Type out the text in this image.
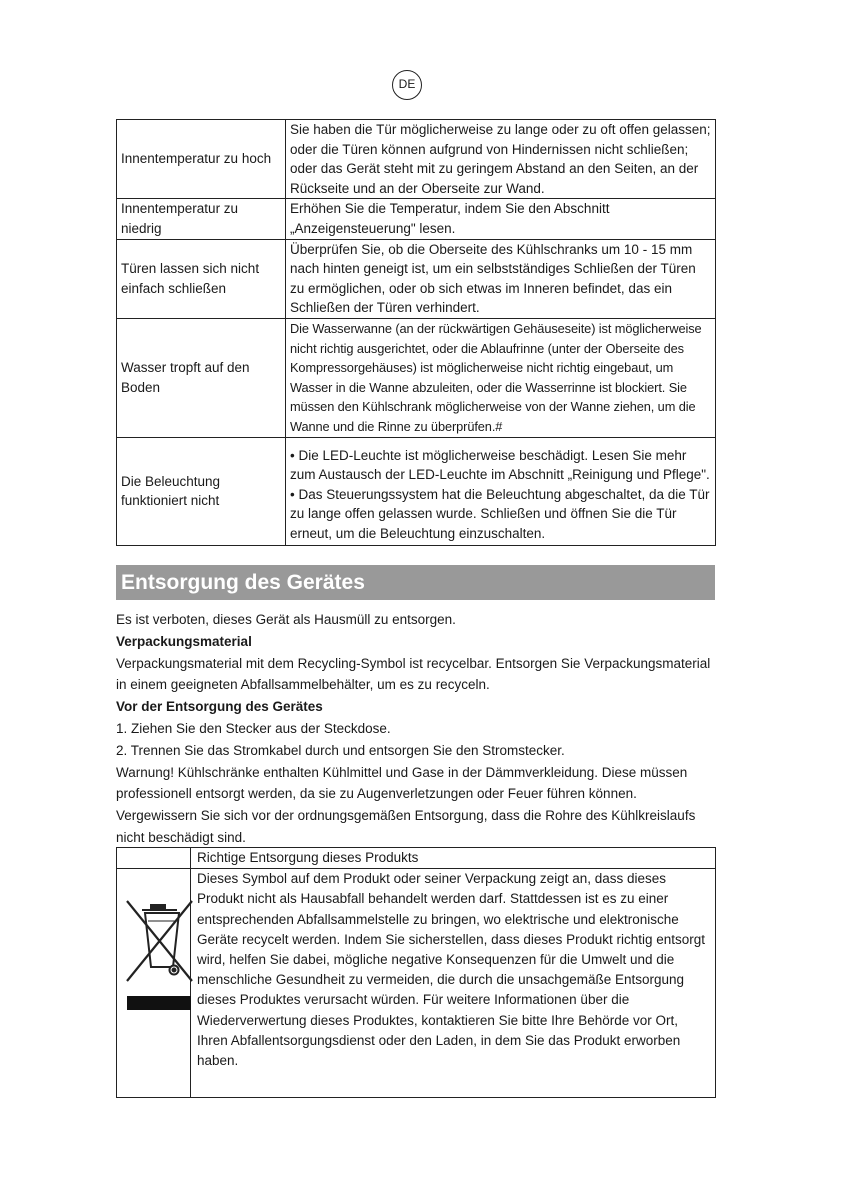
DE
Innentemperatur zu hoch	Sie haben die Tür möglicherweise zu lange oder zu oft offen gelassen; oder die Türen können aufgrund von Hindernissen nicht schließen; oder das Gerät steht mit zu geringem Abstand an den Seiten, an der Rückseite und an der Oberseite zur Wand.
Innentemperatur zu niedrig	Erhöhen Sie die Temperatur, indem Sie den Abschnitt „Anzeigensteuerung" lesen.
Türen lassen sich nicht einfach schließen	Überprüfen Sie, ob die Oberseite des Kühlschranks um 10 - 15 mm nach hinten geneigt ist, um ein selbstständiges Schließen der Türen zu ermöglichen, oder ob sich etwas im Inneren befindet, das ein Schließen der Türen verhindert.
Wasser tropft auf den Boden	Die Wasserwanne (an der rückwärtigen Gehäuseseite) ist möglicherweise nicht richtig ausgerichtet, oder die Ablaufrinne (unter der Oberseite des Kompressorgehäuses) ist möglicherweise nicht richtig eingebaut, um Wasser in die Wanne abzuleiten, oder die Wasserrinne ist blockiert. Sie müssen den Kühlschrank möglicherweise von der Wanne ziehen, um die Wanne und die Rinne zu überprüfen.#
Die Beleuchtung funktioniert nicht	• Die LED-Leuchte ist möglicherweise beschädigt. Lesen Sie mehr zum Austausch der LED-Leuchte im Abschnitt „Reinigung und Pflege".
• Das Steuerungssystem hat die Beleuchtung abgeschaltet, da die Tür zu lange offen gelassen wurde. Schließen und öffnen Sie die Tür erneut, um die Beleuchtung einzuschalten.
Entsorgung des Gerätes

Es ist verboten, dieses Gerät als Hausmüll zu entsorgen.

Verpackungsmaterial

Verpackungsmaterial mit dem Recycling-Symbol ist recycelbar. Entsorgen Sie Verpackungsmaterial in einem geeigneten Abfallsammelbehälter, um es zu recyceln.

Vor der Entsorgung des Gerätes

1. Ziehen Sie den Stecker aus der Steckdose.

2. Trennen Sie das Stromkabel durch und entsorgen Sie den Stromstecker.

Warnung! Kühlschränke enthalten Kühlmittel und Gase in der Dämmverkleidung. Diese müssen professionell entsorgt werden, da sie zu Augenverletzungen oder Feuer führen können.

Vergewissern Sie sich vor der ordnungsgemäßen Entsorgung, dass die Rohre des Kühlkreislaufs nicht beschädigt sind.

	Richtige Entsorgung dieses Produkts

	Dieses Symbol auf dem Produkt oder seiner Verpackung zeigt an, dass dieses Produkt nicht als Hausabfall behandelt werden darf. Stattdessen ist es zu einer entsprechenden Abfallsammelstelle zu bringen, wo elektrische und elektronische Geräte recycelt werden. Indem Sie sicherstellen, dass dieses Produkt richtig entsorgt wird, helfen Sie dabei, mögliche negative Konsequenzen für die Umwelt und die menschliche Gesundheit zu vermeiden, die durch die unsachgemäße Entsorgung dieses Produktes verursacht würden. Für weitere Informationen über die Wiederverwertung dieses Produktes, kontaktieren Sie bitte Ihre Behörde vor Ort, Ihren Abfallentsorgungsdienst oder den Laden, in dem Sie das Produkt erworben haben.
